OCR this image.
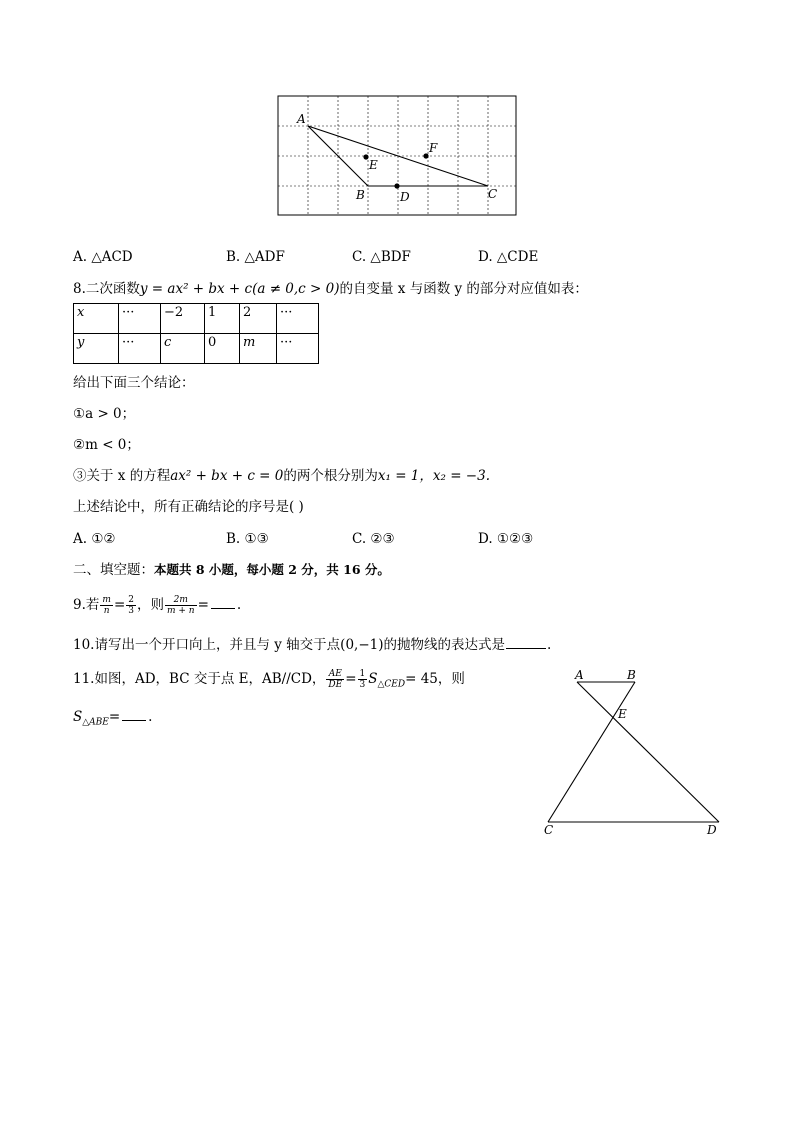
A
E
F
B	D	C
A. △ACD	B. △ADF	C. △BDF	D. △CDE
8.二次函数y = ax² + bx + c(a ≠ 0,c > 0)的自变量 x 与函数 y 的部分对应值如表：
x	···	−2	1	2	···
y	···	c	0	m	···
给出下面三个结论：
①a > 0；
②m < 0；
③关于 x 的方程ax² + bx + c = 0的两个根分别为x₁ = 1，x₂ = −3.
上述结论中，所有正确结论的序号是( )
A. ①②	B. ①③	C. ②③	D. ①②③
二、填空题：本题共 8 小题，每小题 2 分，共 16 分。
9.若 $\frac{m}{n} = \frac{2}{3}$ ，则 $\frac{2m}{m + n}$ = .
10.请写出一个开口向上，并且与 y 轴交于点(0,−1)的抛物线的表达式是	.
11.如图，AD，BC 交于点 E，AB//CD， $\frac{AE}{DE} = \frac{1}{3} S_{\triangle CED}= 45$，则
$S_{\triangle ABE}=$ .
A	B
E
C	D
